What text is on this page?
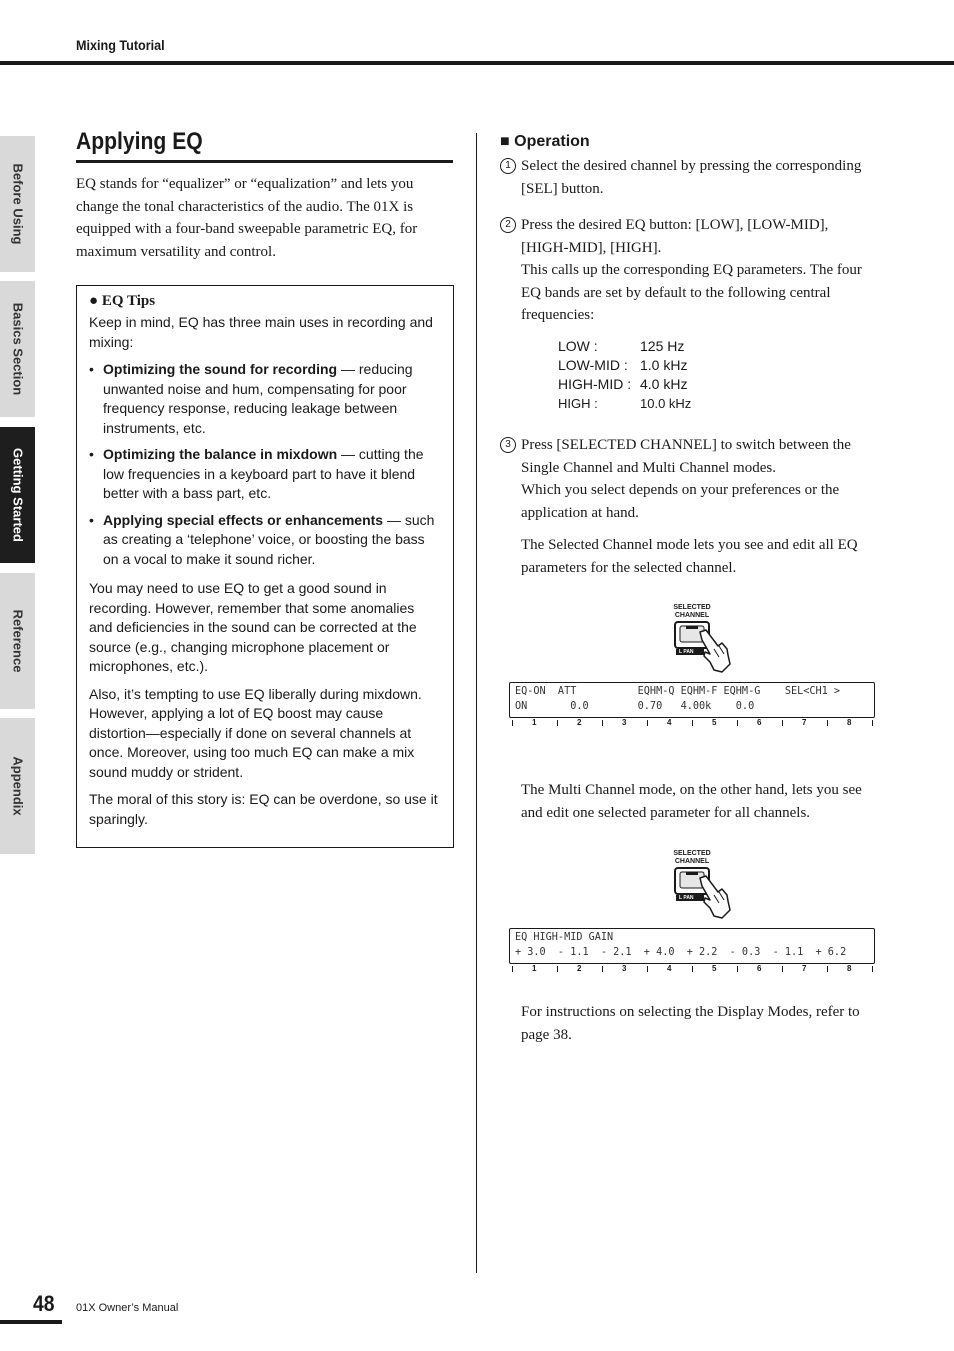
Mixing Tutorial
Before Using
Basics Section
Getting Started
Reference
Appendix
Applying EQ
EQ stands for “equalizer” or “equalization” and lets you change the tonal characteristics of the audio. The 01X is equipped with a four-band sweepable parametric EQ, for maximum versatility and control.
● EQ Tips

Keep in mind, EQ has three main uses in recording and mixing:

• Optimizing the sound for recording — reducing unwanted noise and hum, compensating for poor frequency response, reducing leakage between instruments, etc.
• Optimizing the balance in mixdown — cutting the low frequencies in a keyboard part to have it blend better with a bass part, etc.
• Applying special effects or enhancements — such as creating a ‘telephone’ voice, or boosting the bass on a vocal to make it sound richer.

You may need to use EQ to get a good sound in recording. However, remember that some anomalies and deficiencies in the sound can be corrected at the source (e.g., changing microphone placement or microphones, etc.).

Also, it’s tempting to use EQ liberally during mixdown. However, applying a lot of EQ boost may cause distortion—especially if done on several channels at once. Moreover, using too much EQ can make a mix sound muddy or strident.

The moral of this story is: EQ can be overdone, so use it sparingly.

■ Operation
1 Select the desired channel by pressing the corresponding [SEL] button.
2 Press the desired EQ button: [LOW], [LOW-MID], [HIGH-MID], [HIGH].
This calls up the corresponding EQ parameters. The four EQ bands are set by default to the following central frequencies:
LOW :	125 Hz
LOW-MID : 1.0 kHz
HIGH-MID : 4.0 kHz
HIGH :	10.0 kHz
3 Press [SELECTED CHANNEL] to switch between the Single Channel and Multi Channel modes.
Which you select depends on your preferences or the application at hand.
The Selected Channel mode lets you see and edit all EQ parameters for the selected channel.
SELECTED
CHANNEL
L PAN
EQ-ON  ATT          EQHM-Q EQHM-F EQHM-G    SEL<CH1 >
ON       0.0        0.70   4.00k    0.0
1	2	3	4	5	6	7	8
The Multi Channel mode, on the other hand, lets you see and edit one selected parameter for all channels.
SELECTED
CHANNEL
L PAN
EQ HIGH-MID GAIN
+ 3.0  - 1.1  - 2.1  + 4.0  + 2.2  - 0.3  - 1.1  + 6.2
1	2	3	4	5	6	7	8
For instructions on selecting the Display Modes, refer to page 38.
48 01X Owner’s Manual
